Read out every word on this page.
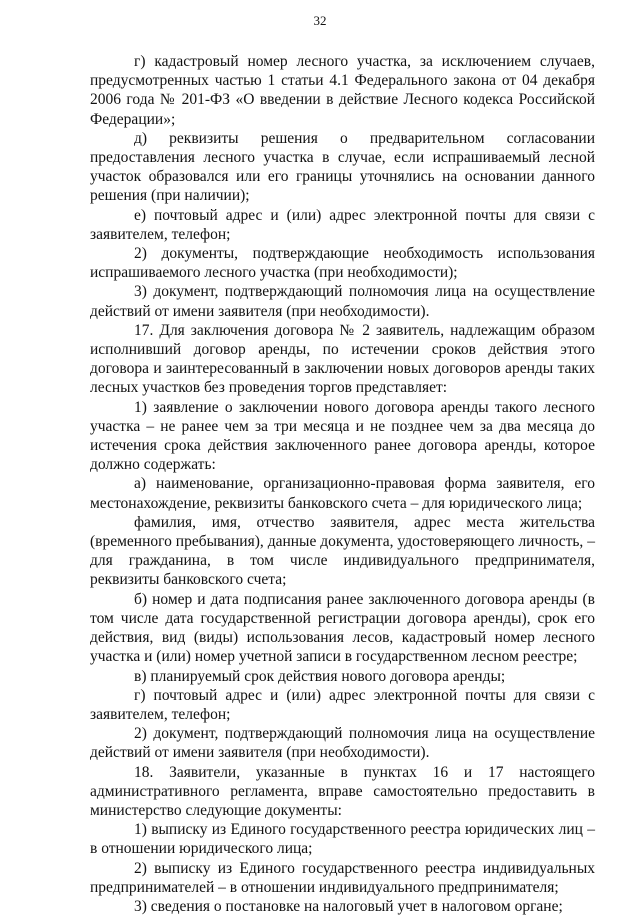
32

г) кадастровый номер лесного участка, за исключением случаев, предусмотренных частью 1 статьи 4.1 Федерального закона от 04 декабря 2006 года № 201-ФЗ «О введении в действие Лесного кодекса Российской Федерации»;

д) реквизиты решения о предварительном согласовании предоставления лесного участка в случае, если испрашиваемый лесной участок образовался или его границы уточнялись на основании данного решения (при наличии);

е) почтовый адрес и (или) адрес электронной почты для связи с заявителем, телефон;

2) документы, подтверждающие необходимость использования испрашиваемого лесного участка (при необходимости);

3) документ, подтверждающий полномочия лица на осуществление действий от имени заявителя (при необходимости).

17. Для заключения договора № 2 заявитель, надлежащим образом исполнивший договор аренды, по истечении сроков действия этого договора и заинтересованный в заключении новых договоров аренды таких лесных участков без проведения торгов представляет:

1) заявление о заключении нового договора аренды такого лесного участка – не ранее чем за три месяца и не позднее чем за два месяца до истечения срока действия заключенного ранее договора аренды, которое должно содержать:

а) наименование, организационно-правовая форма заявителя, его местонахождение, реквизиты банковского счета – для юридического лица;

фамилия, имя, отчество заявителя, адрес места жительства (временного пребывания), данные документа, удостоверяющего личность, – для гражданина, в том числе индивидуального предпринимателя, реквизиты банковского счета;

б) номер и дата подписания ранее заключенного договора аренды (в том числе дата государственной регистрации договора аренды), срок его действия, вид (виды) использования лесов, кадастровый номер лесного участка и (или) номер учетной записи в государственном лесном реестре;

в) планируемый срок действия нового договора аренды;

г) почтовый адрес и (или) адрес электронной почты для связи с заявителем, телефон;

2) документ, подтверждающий полномочия лица на осуществление действий от имени заявителя (при необходимости).

18. Заявители, указанные в пунктах 16 и 17 настоящего административного регламента, вправе самостоятельно предоставить в министерство следующие документы:

1) выписку из Единого государственного реестра юридических лиц – в отношении юридического лица;

2) выписку из Единого государственного реестра индивидуальных предпринимателей – в отношении индивидуального предпринимателя;

3) сведения о постановке на налоговый учет в налоговом органе;
